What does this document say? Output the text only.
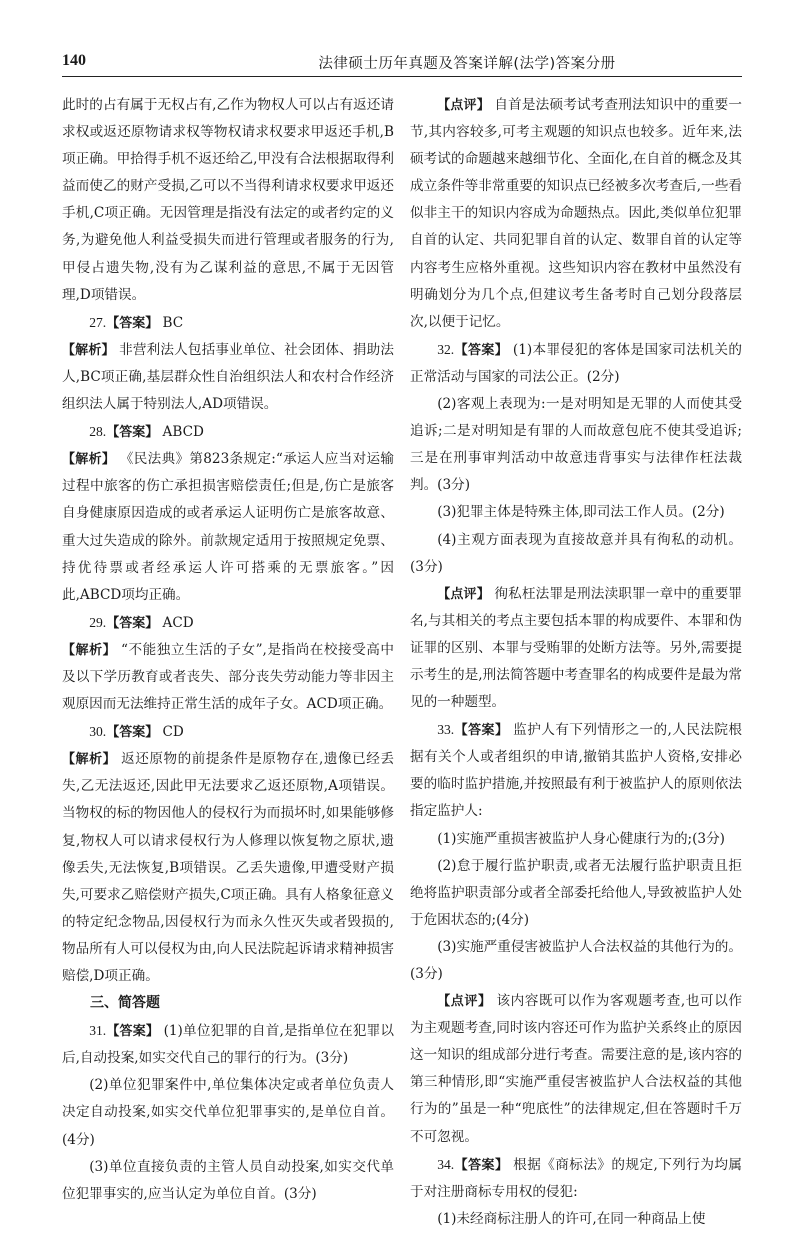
140	法律硕士历年真题及答案详解(法学)答案分册

此时的占有属于无权占有,乙作为物权人可以占有返还请求权或返还原物请求权等物权请求权要求甲返还手机,B项正确。甲拾得手机不返还给乙,甲没有合法根据取得利益而使乙的财产受损,乙可以不当得利请求权要求甲返还手机,C项正确。无因管理是指没有法定的或者约定的义务,为避免他人利益受损失而进行管理或者服务的行为,甲侵占遗失物,没有为乙谋利益的意思,不属于无因管理,D项错误。

27.【答案】 BC

【解析】 非营利法人包括事业单位、社会团体、捐助法人,BC项正确,基层群众性自治组织法人和农村合作经济组织法人属于特别法人,AD项错误。

28.【答案】 ABCD

【解析】 《民法典》第823条规定:“承运人应当对运输过程中旅客的伤亡承担损害赔偿责任;但是,伤亡是旅客自身健康原因造成的或者承运人证明伤亡是旅客故意、重大过失造成的除外。前款规定适用于按照规定免票、持优待票或者经承运人许可搭乘的无票旅客。”因此,ABCD项均正确。

29.【答案】 ACD

【解析】 “不能独立生活的子女”,是指尚在校接受高中及以下学历教育或者丧失、部分丧失劳动能力等非因主观原因而无法维持正常生活的成年子女。ACD项正确。

30.【答案】 CD

【解析】 返还原物的前提条件是原物存在,遗像已经丢失,乙无法返还,因此甲无法要求乙返还原物,A项错误。当物权的标的物因他人的侵权行为而损坏时,如果能够修复,物权人可以请求侵权行为人修理以恢复物之原状,遗像丢失,无法恢复,B项错误。乙丢失遗像,甲遭受财产损失,可要求乙赔偿财产损失,C项正确。具有人格象征意义的特定纪念物品,因侵权行为而永久性灭失或者毁损的,物品所有人可以侵权为由,向人民法院起诉请求精神损害赔偿,D项正确。

三、简答题

31.【答案】 (1)单位犯罪的自首,是指单位在犯罪以后,自动投案,如实交代自己的罪行的行为。(3分)

(2)单位犯罪案件中,单位集体决定或者单位负责人决定自动投案,如实交代单位犯罪事实的,是单位自首。(4分)

(3)单位直接负责的主管人员自动投案,如实交代单位犯罪事实的,应当认定为单位自首。(3分)

【点评】 自首是法硕考试考查刑法知识中的重要一节,其内容较多,可考主观题的知识点也较多。近年来,法硕考试的命题越来越细节化、全面化,在自首的概念及其成立条件等非常重要的知识点已经被多次考查后,一些看似非主干的知识内容成为命题热点。因此,类似单位犯罪自首的认定、共同犯罪自首的认定、数罪自首的认定等内容考生应格外重视。这些知识内容在教材中虽然没有明确划分为几个点,但建议考生备考时自己划分段落层次,以便于记忆。

32.【答案】 (1)本罪侵犯的客体是国家司法机关的正常活动与国家的司法公正。(2分)

(2)客观上表现为:一是对明知是无罪的人而使其受追诉;二是对明知是有罪的人而故意包庇不使其受追诉;三是在刑事审判活动中故意违背事实与法律作枉法裁判。(3分)

(3)犯罪主体是特殊主体,即司法工作人员。(2分)

(4)主观方面表现为直接故意并具有徇私的动机。(3分)

【点评】 徇私枉法罪是刑法渎职罪一章中的重要罪名,与其相关的考点主要包括本罪的构成要件、本罪和伪证罪的区别、本罪与受贿罪的处断方法等。另外,需要提示考生的是,刑法简答题中考查罪名的构成要件是最为常见的一种题型。

33.【答案】 监护人有下列情形之一的,人民法院根据有关个人或者组织的申请,撤销其监护人资格,安排必要的临时监护措施,并按照最有利于被监护人的原则依法指定监护人:

(1)实施严重损害被监护人身心健康行为的;(3分)

(2)怠于履行监护职责,或者无法履行监护职责且拒绝将监护职责部分或者全部委托给他人,导致被监护人处于危困状态的;(4分)

(3)实施严重侵害被监护人合法权益的其他行为的。(3分)

【点评】 该内容既可以作为客观题考查,也可以作为主观题考查,同时该内容还可作为监护关系终止的原因这一知识的组成部分进行考查。需要注意的是,该内容的第三种情形,即“实施严重侵害被监护人合法权益的其他行为的”虽是一种“兜底性”的法律规定,但在答题时千万不可忽视。

34.【答案】 根据《商标法》的规定,下列行为均属于对注册商标专用权的侵犯:

(1)未经商标注册人的许可,在同一种商品上使
